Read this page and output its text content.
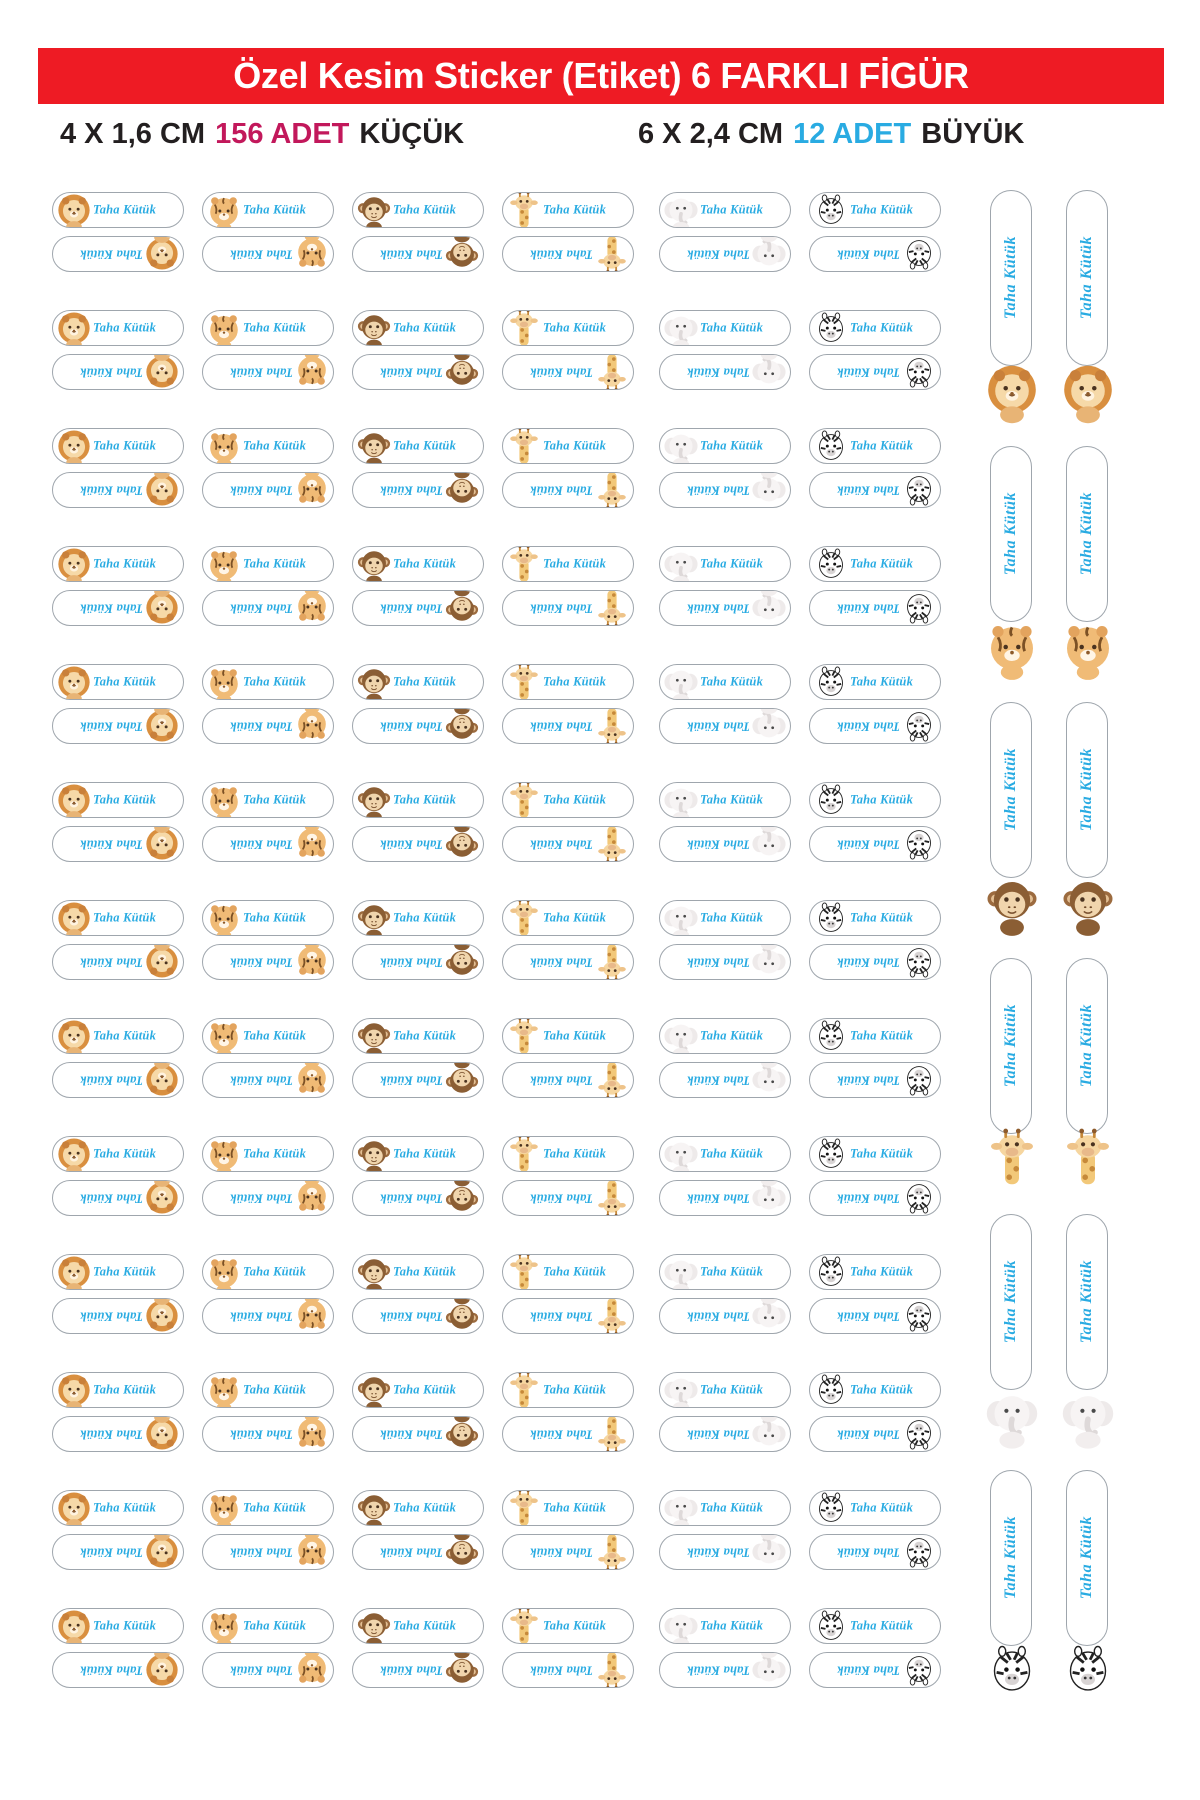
Özel Kesim Sticker (Etiket) 6 FARKLI FİGÜR
4 X 1,6 CM 156 ADET KÜÇÜK	6 X 2,4 CM 12 ADET BÜYÜK
Taha Kütük
Taha Kütük
Taha Kütük
Taha Kütük
Taha Kütük
Taha Kütük
Taha Kütük
Taha Kütük
Taha Kütük
Taha Kütük
Taha Kütük
Taha Kütük
Taha Kütük
Taha Kütük
Taha Kütük
Taha Kütük
Taha Kütük
Taha Kütük
Taha Kütük
Taha Kütük
Taha Kütük
Taha Kütük
Taha Kütük
Taha Kütük
Taha Kütük
Taha Kütük
Taha Kütük
Taha Kütük
Taha Kütük
Taha Kütük
Taha Kütük
Taha Kütük
Taha Kütük
Taha Kütük
Taha Kütük
Taha Kütük
Taha Kütük
Taha Kütük
Taha Kütük
Taha Kütük
Taha Kütük
Taha Kütük
Taha Kütük
Taha Kütük
Taha Kütük
Taha Kütük
Taha Kütük
Taha Kütük
Taha Kütük
Taha Kütük
Taha Kütük
Taha Kütük
Taha Kütük
Taha Kütük
Taha Kütük
Taha Kütük
Taha Kütük
Taha Kütük
Taha Kütük
Taha Kütük
Taha Kütük
Taha Kütük
Taha Kütük
Taha Kütük
Taha Kütük
Taha Kütük
Taha Kütük
Taha Kütük
Taha Kütük
Taha Kütük
Taha Kütük
Taha Kütük
Taha Kütük
Taha Kütük
Taha Kütük
Taha Kütük
Taha Kütük
Taha Kütük
Taha Kütük
Taha Kütük
Taha Kütük
Taha Kütük
Taha Kütük
Taha Kütük
Taha Kütük
Taha Kütük
Taha Kütük
Taha Kütük
Taha Kütük
Taha Kütük
Taha Kütük
Taha Kütük
Taha Kütük
Taha Kütük
Taha Kütük
Taha Kütük
Taha Kütük
Taha Kütük
Taha Kütük
Taha Kütük
Taha Kütük
Taha Kütük
Taha Kütük
Taha Kütük
Taha Kütük
Taha Kütük
Taha Kütük
Taha Kütük
Taha Kütük
Taha Kütük
Taha Kütük
Taha Kütük
Taha Kütük
Taha Kütük
Taha Kütük
Taha Kütük
Taha Kütük
Taha Kütük
Taha Kütük
Taha Kütük
Taha Kütük
Taha Kütük
Taha Kütük
Taha Kütük
Taha Kütük
Taha Kütük
Taha Kütük
Taha Kütük
Taha Kütük
Taha Kütük
Taha Kütük
Taha Kütük
Taha Kütük
Taha Kütük
Taha Kütük
Taha Kütük
Taha Kütük
Taha Kütük
Taha Kütük
Taha Kütük
Taha Kütük
Taha Kütük
Taha Kütük
Taha Kütük
Taha Kütük
Taha Kütük
Taha Kütük
Taha Kütük
Taha Kütük
Taha Kütük
Taha Kütük
Taha Kütük
Taha Kütük
Taha Kütük
Taha Kütük
Taha Kütük
Taha Kütük	Taha Kütük
Taha Kütük	Taha Kütük
Taha Kütük	Taha Kütük
Taha Kütük	Taha Kütük
Taha Kütük	Taha Kütük
Taha Kütük	Taha Kütük
